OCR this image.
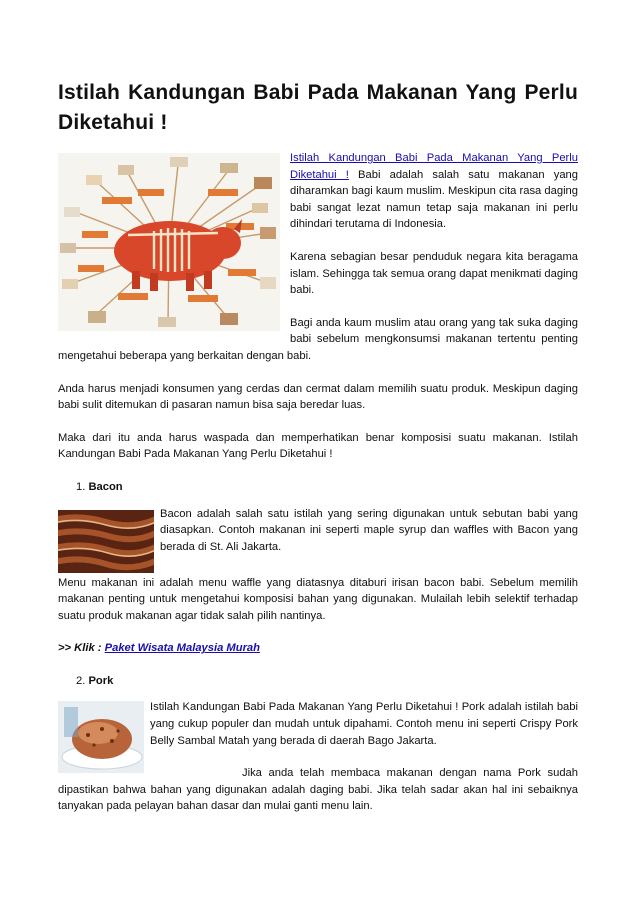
Istilah Kandungan Babi Pada Makanan Yang Perlu Diketahui !

Istilah Kandungan Babi Pada Makanan Yang Perlu Diketahui ! Babi adalah salah satu makanan yang diharamkan bagi kaum muslim. Meskipun cita rasa daging babi sangat lezat namun tetap saja makanan ini perlu dihindari terutama di Indonesia.

Karena sebagian besar penduduk negara kita beragama islam. Sehingga tak semua orang dapat menikmati daging babi.

Bagi anda kaum muslim atau orang yang tak suka daging babi sebelum mengkonsumsi makanan tertentu penting mengetahui beberapa yang berkaitan dengan babi.

Anda harus menjadi konsumen yang cerdas dan cermat dalam memilih suatu produk. Meskipun daging babi sulit ditemukan di pasaran namun bisa saja beredar luas.

Maka dari itu anda harus waspada dan memperhatikan benar komposisi suatu makanan. Istilah Kandungan Babi Pada Makanan Yang Perlu Diketahui !

1. Bacon

Bacon adalah salah satu istilah yang sering digunakan untuk sebutan babi yang diasapkan. Contoh makanan ini seperti maple syrup dan waffles with Bacon yang berada di St. Ali Jakarta.

Menu makanan ini adalah menu waffle yang diatasnya ditaburi irisan bacon babi. Sebelum memilih makanan penting untuk mengetahui komposisi bahan yang digunakan. Mulailah lebih selektif terhadap suatu produk makanan agar tidak salah pilih nantinya.

>> Klik : Paket Wisata Malaysia Murah

2. Pork

Istilah Kandungan Babi Pada Makanan Yang Perlu Diketahui ! Pork adalah istilah babi yang cukup populer dan mudah untuk dipahami. Contoh menu ini seperti Crispy Pork Belly Sambal Matah yang berada di daerah Bago Jakarta.

Jika anda telah membaca makanan dengan nama Pork sudah dipastikan bahwa bahan yang digunakan adalah daging babi. Jika telah sadar akan hal ini sebaiknya tanyakan pada pelayan bahan dasar dan mulai ganti menu lain.
